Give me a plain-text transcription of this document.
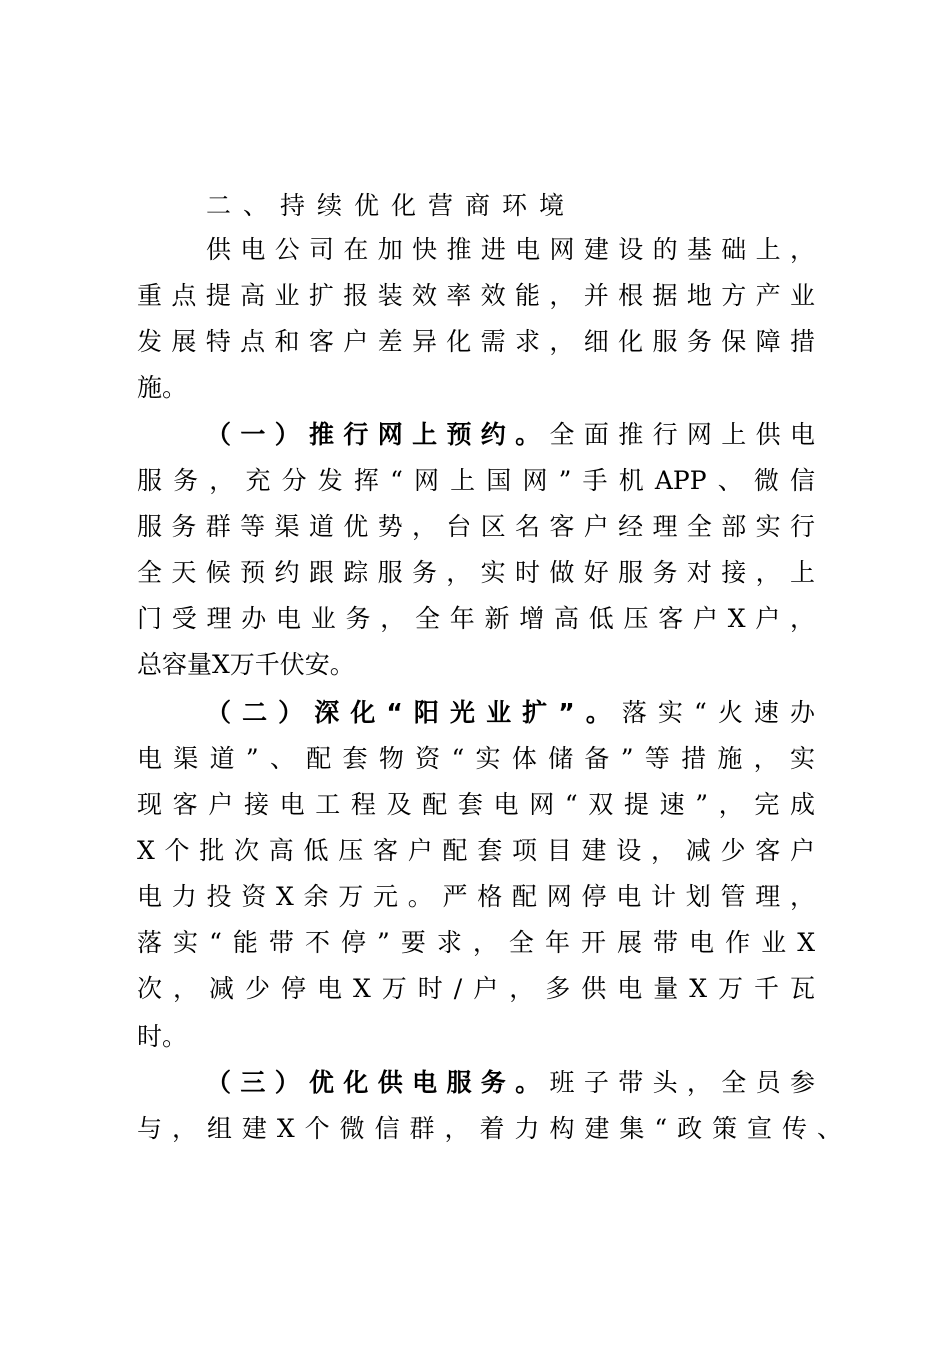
二、持续优化营商环境
供电公司在加快推进电网建设的基础上，
重点提高业扩报装效率效能，并根据地方产业
发展特点和客户差异化需求，细化服务保障措
施。
（一）推行网上预约。全面推行网上供电
服务，充分发挥“网上国网”手机APP、微信
服务群等渠道优势，台区名客户经理全部实行
全天候预约跟踪服务，实时做好服务对接，上
门受理办电业务，全年新增高低压客户X户，
总容量X万千伏安。
（二）深化“阳光业扩”。落实“火速办
电渠道”、配套物资“实体储备”等措施，实
现客户接电工程及配套电网“双提速”，完成
X个批次高低压客户配套项目建设，减少客户
电力投资X余万元。严格配网停电计划管理，
落实“能带不停”要求，全年开展带电作业X
次，减少停电X万时/户，多供电量X万千瓦
时。
（三）优化供电服务。班子带头，全员参
与，组建X个微信群，着力构建集“政策宣传、
